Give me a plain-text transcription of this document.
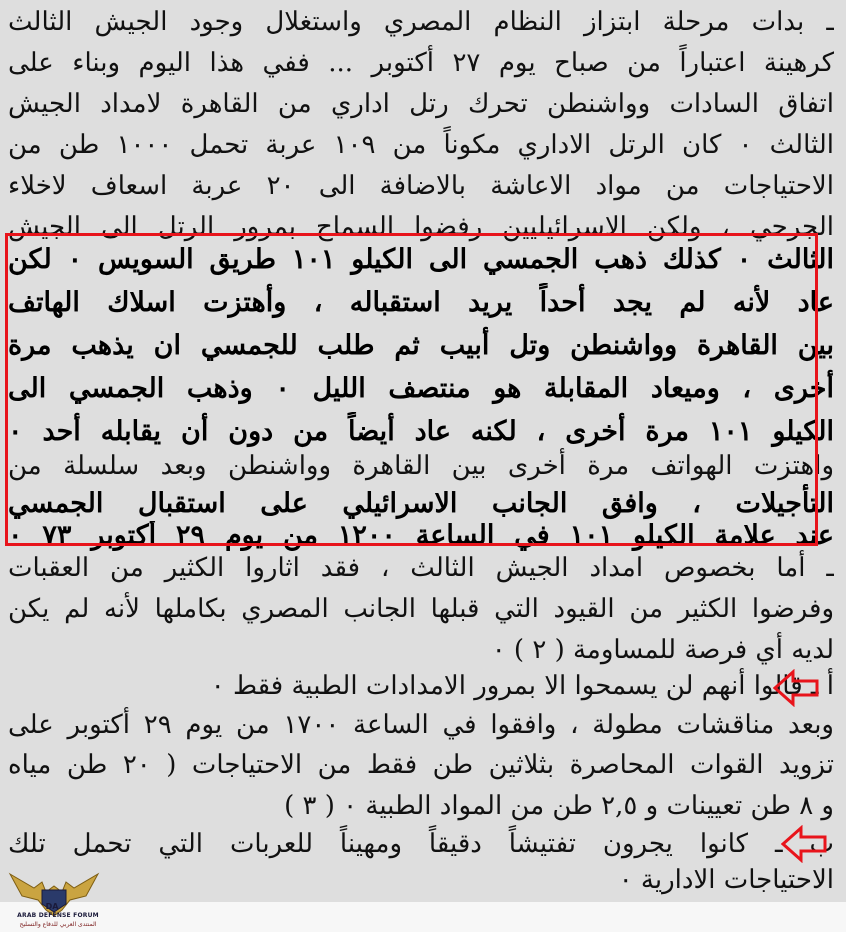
ـ بدات مرحلة ابتزاز النظام المصري واستغلال وجود الجيش الثالث
كرهينة اعتباراً من صباح يوم ٢٧ أكتوبر ... ففي هذا اليوم وبناء على
اتفاق السادات وواشنطن تحرك رتل اداري من القاهرة لامداد الجيش
الثالث ٠ كان الرتل الاداري مكوناً من ١٠٩ عربة تحمل ١٠٠٠ طن من
الاحتياجات من مواد الاعاشة بالاضافة الى ٢٠ عربة اسعاف لاخلاء
الجرحي ، ولكن الاسرائيليين رفضوا السماح بمرور الرتل الى الجيش
الثالث ٠ كذلك ذهب الجمسي الى الكيلو ١٠١ طريق السويس ٠ لكن
عاد لأنه لم يجد أحداً يريد استقباله ، وأهتزت اسلاك الهاتف
بين القاهرة وواشنطن وتل أبيب ثم طلب للجمسي ان يذهب مرة
أخرى ، وميعاد المقابلة هو منتصف الليل ٠ وذهب الجمسي الى
الكيلو ١٠١ مرة أخرى ، لكنه عاد أيضاً من دون أن يقابله أحد ٠
واهتزت الهواتف مرة أخرى بين القاهرة وواشنطن وبعد سلسلة من
التأجيلات ، وافق الجانب الاسرائيلي على استقبال الجمسي
عند علامة الكيلو ١٠١ في الساعة ١٢٠٠ من يوم ٢٩ أكتوبر ٧٣ ٠
ـ أما بخصوص امداد الجيش الثالث ، فقد اثاروا الكثير من العقبات
وفرضوا الكثير من القيود التي قبلها الجانب المصري بكاملها لأنه لم يكن
لديه أي فرصة للمساومة ( ٢ ) ٠
أ ـ قالوا أنهم لن يسمحوا الا بمرور الامدادات الطبية فقط ٠
وبعد مناقشات مطولة ، وافقوا في الساعة ١٧٠٠ من يوم ٢٩ أكتوبر على
تزويد القوات المحاصرة بثلاثين طن فقط من الاحتياجات ( ٢٠ طن مياه
و ٨ طن تعيينات و ٢,٥ طن من المواد الطبية ٠ ( ٣ )
ب ـ كانوا يجرون تفتيشاً دقيقاً ومهيناً للعربات التي تحمل تلك
الاحتياجات الادارية ٠
DA
ARAB DEFENSE FORUM
المنتدى العربي للدفاع والتسليح
